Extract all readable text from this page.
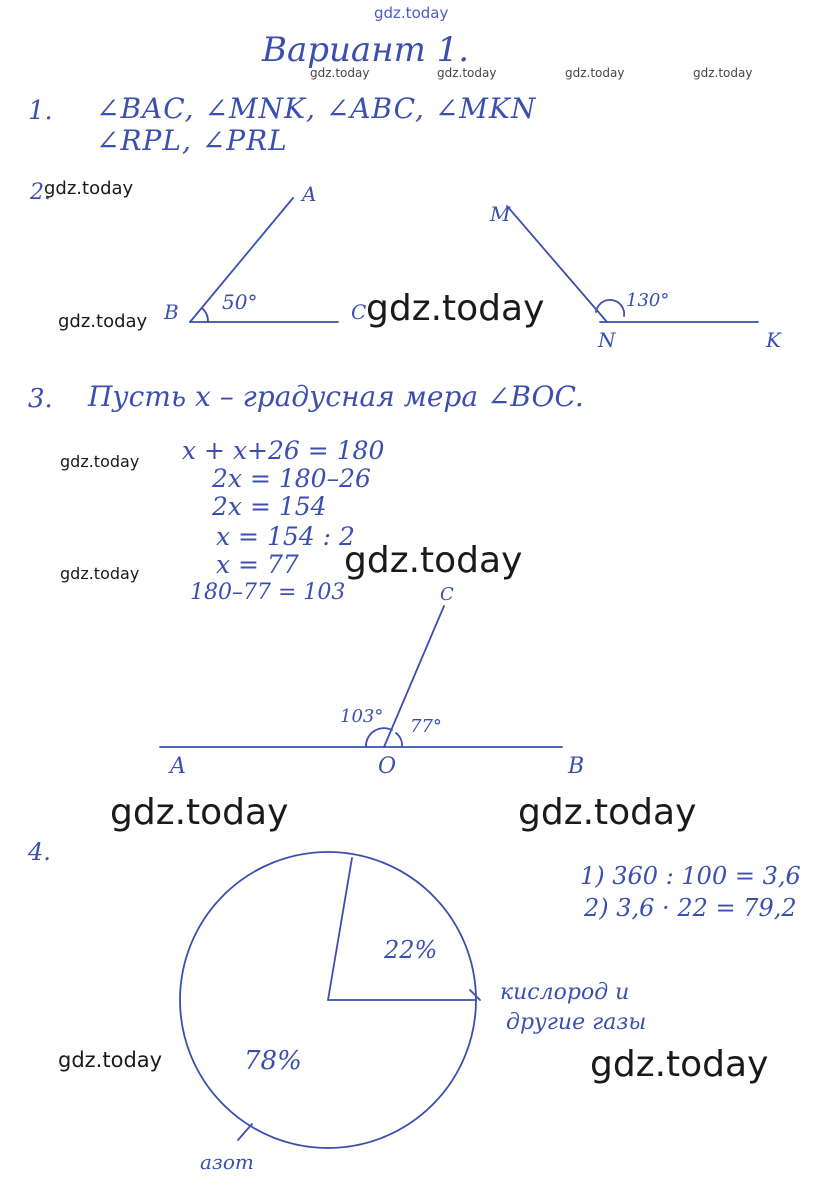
gdz.today
Вариант 1.
gdz.today	gdz.today	gdz.today	gdz.today
1. ∠BAC, ∠MNK, ∠ABC, ∠MKN
∠RPL, ∠PRL
2.
gdz.today
gdz.today	gdz.today
A
B	C
50°
M
N	K
130°
3. Пусть x – градусная мера ∠BOC.
gdz.today
gdz.today
x + x+26 = 180
2x = 180–26
2x = 154
x = 154 : 2
x = 77
180–77 = 103
gdz.today
C
103° 77°
A	O	B
gdz.today	gdz.today
4.
1) 360 : 100 = 3,6
2) 3,6 · 22 = 79,2
22%
78%
кислород и
другие газы
азот
gdz.today	gdz.today
